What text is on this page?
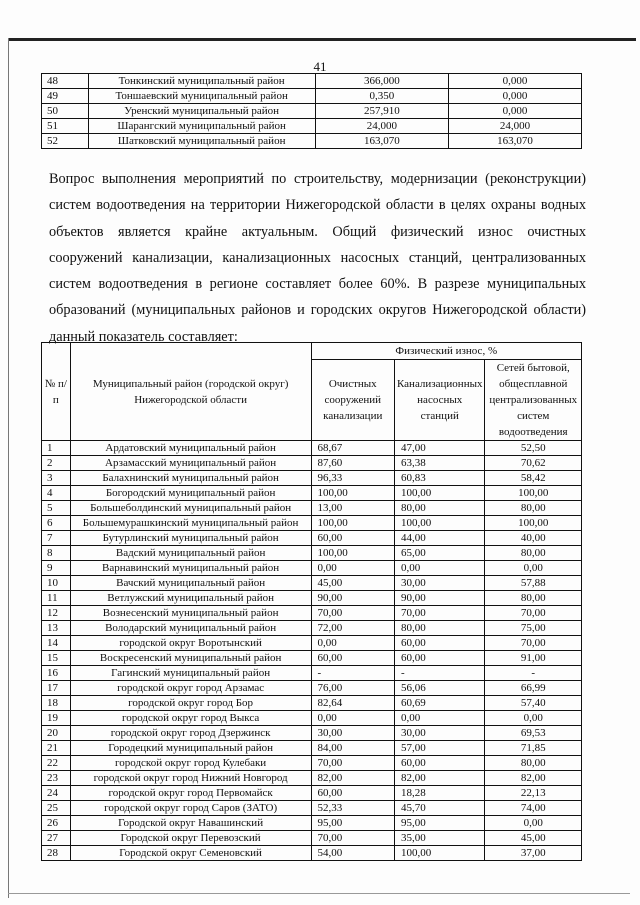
41
48	Тонкинский муниципальный район	366,000	0,000
49	Тоншаевский муниципальный район	0,350	0,000
50	Уренский муниципальный район	257,910	0,000
51	Шарангский муниципальный район	24,000	24,000
52	Шатковский муниципальный район	163,070	163,070

Вопрос выполнения мероприятий по строительству, модернизации (реконструкции) систем водоотведения на территории Нижегородской области в целях охраны водных объектов является крайне актуальным. Общий физический износ очистных сооружений канализации, канализационных насосных станций, централизованных систем водоотведения в регионе составляет более 60%. В разрезе муниципальных образований (муниципальных районов и городских округов Нижегородской области) данный показатель составляет:

№ п/п	Муниципальный район (городской округ) Нижегородской области	Физический износ, %		
		Очистных сооружений канализации	Канализационных насосных станций	Сетей бытовой, общесплавной централизованных систем водоотведения
1	Ардатовский муниципальный район	68,67	47,00	52,50
2	Арзамасский муниципальный район	87,60	63,38	70,62
3	Балахнинский муниципальный район	96,33	60,83	58,42
4	Богородский муниципальный район	100,00	100,00	100,00
5	Большеболдинский муниципальный район	13,00	80,00	80,00
6	Большемурашкинский муниципальный район	100,00	100,00	100,00
7	Бутурлинский муниципальный район	60,00	44,00	40,00
8	Вадский муниципальный район	100,00	65,00	80,00
9	Варнавинский муниципальный район	0,00	0,00	0,00
10	Вачский муниципальный район	45,00	30,00	57,88
11	Ветлужский муниципальный район	90,00	90,00	80,00
12	Вознесенский муниципальный район	70,00	70,00	70,00
13	Володарский муниципальный район	72,00	80,00	75,00
14	городской округ Воротынский	0,00	60,00	70,00
15	Воскресенский муниципальный район	60,00	60,00	91,00
16	Гагинский муниципальный район	-	-	-
17	городской округ город Арзамас	76,00	56,06	66,99
18	городской округ город Бор	82,64	60,69	57,40
19	городской округ город Выкса	0,00	0,00	0,00
20	городской округ город Дзержинск	30,00	30,00	69,53
21	Городецкий муниципальный район	84,00	57,00	71,85
22	городской округ город Кулебаки	70,00	60,00	80,00
23	городской округ город Нижний Новгород	82,00	82,00	82,00
24	городской округ город Первомайск	60,00	18,28	22,13
25	городской округ город Саров (ЗАТО)	52,33	45,70	74,00
26	Городской округ Навашинский	95,00	95,00	0,00
27	Городской округ Перевозский	70,00	35,00	45,00
28	Городской округ Семеновский	54,00	100,00	37,00
